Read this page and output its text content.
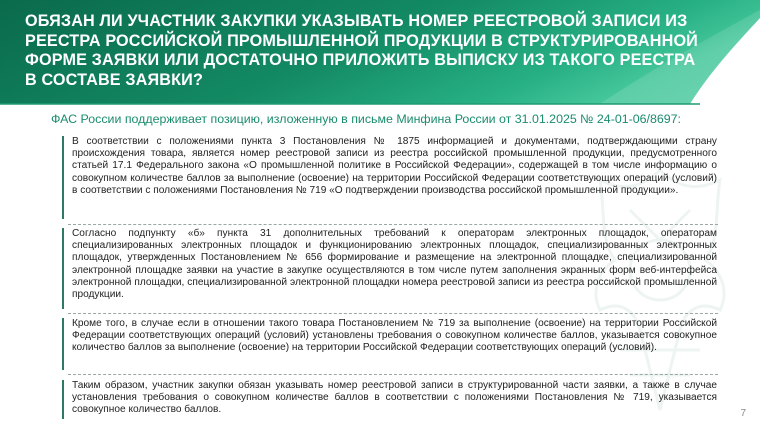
ОБЯЗАН ЛИ УЧАСТНИК ЗАКУПКИ УКАЗЫВАТЬ НОМЕР РЕЕСТРОВОЙ ЗАПИСИ ИЗ РЕЕСТРА РОССИЙСКОЙ ПРОМЫШЛЕННОЙ ПРОДУКЦИИ В СТРУКТУРИРОВАННОЙ ФОРМЕ ЗАЯВКИ ИЛИ ДОСТАТОЧНО ПРИЛОЖИТЬ ВЫПИСКУ ИЗ ТАКОГО РЕЕСТРА В СОСТАВЕ ЗАЯВКИ?
ФАС России поддерживает позицию, изложенную в письме Минфина России от 31.01.2025 № 24-01-06/8697:

В соответствии с положениями пункта 3 Постановления № 1875 информацией и документами, подтверждающими страну происхождения товара, является номер реестровой записи из реестра российской промышленной продукции, предусмотренного статьей 17.1 Федерального закона «О промышленной политике в Российской Федерации», содержащей в том числе информацию о совокупном количестве баллов за выполнение (освоение) на территории Российской Федерации соответствующих операций (условий) в соответствии с положениями Постановления № 719 «О подтверждении производства российской промышленной продукции».

Согласно подпункту «б» пункта 31 дополнительных требований к операторам электронных площадок, операторам специализированных электронных площадок и функционированию электронных площадок, специализированных электронных площадок, утвержденных Постановлением № 656 формирование и размещение на электронной площадке, специализированной электронной площадке заявки на участие в закупке осуществляются в том числе путем заполнения экранных форм веб-интерфейса электронной площадки, специализированной электронной площадки номера реестровой записи из реестра российской промышленной продукции.

Кроме того, в случае если в отношении такого товара Постановлением № 719 за выполнение (освоение) на территории Российской Федерации соответствующих операций (условий) установлены требования о совокупном количестве баллов, указывается совокупное количество баллов за выполнение (освоение) на территории Российской Федерации соответствующих операций (условий).

Таким образом, участник закупки обязан указывать номер реестровой записи в структурированной части заявки, а также в случае установления требования о совокупном количестве баллов в соответствии с положениями Постановления № 719, указывается совокупное количество баллов.	7
